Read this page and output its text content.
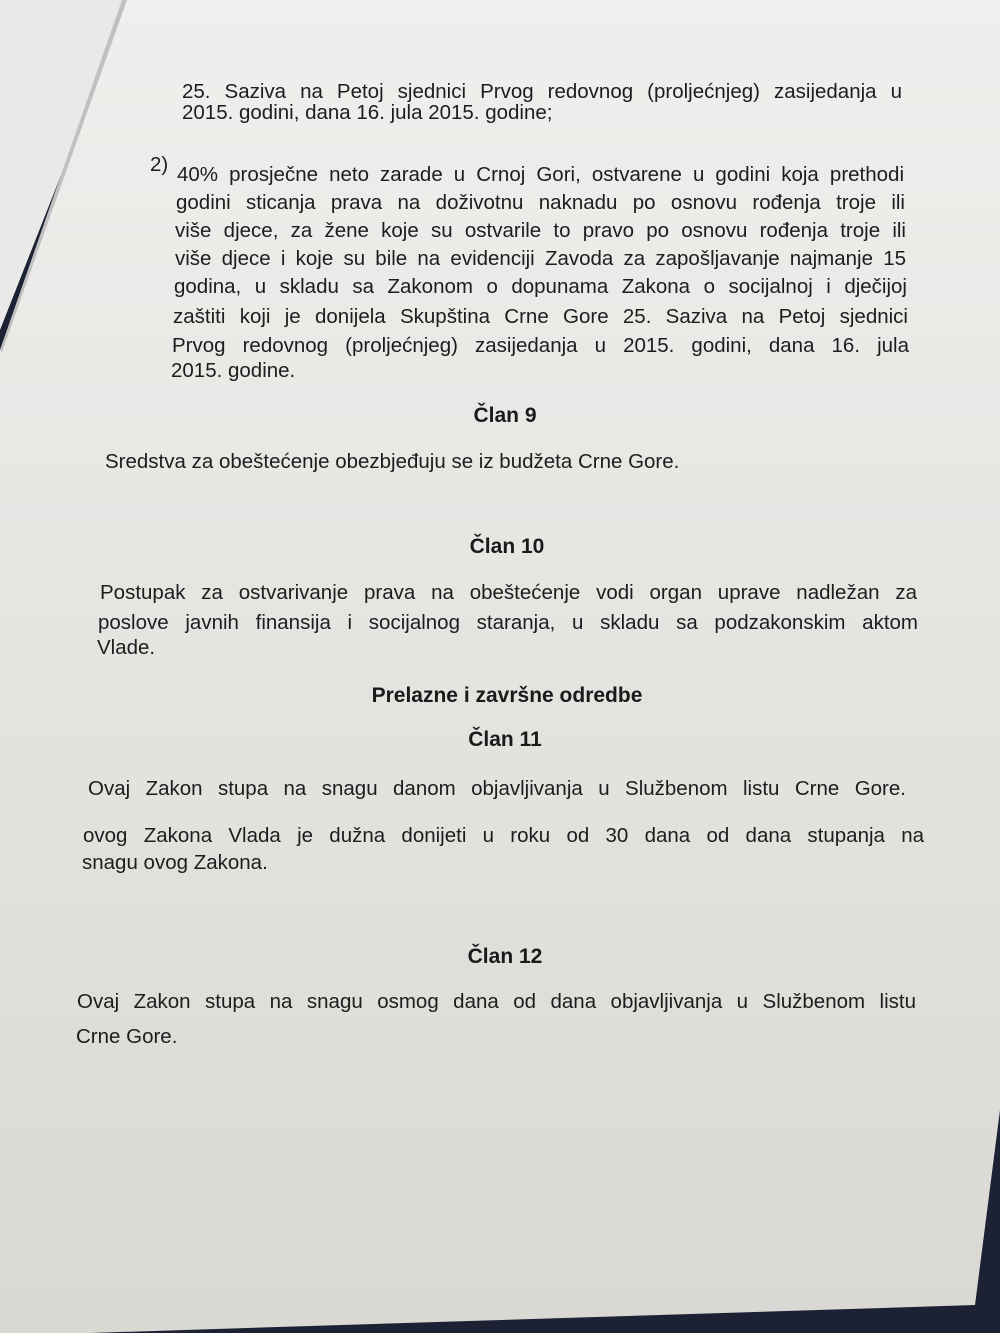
25. Saziva na Petoj sjednici Prvog redovnog (proljećnjeg) zasijedanja u
2015. godini, dana 16. jula 2015. godine;
2) 40% prosječne neto zarade u Crnoj Gori, ostvarene u godini koja prethodi
godini sticanja prava na doživotnu naknadu po osnovu rođenja troje ili
više djece, za žene koje su ostvarile to pravo po osnovu rođenja troje ili
više djece i koje su bile na evidenciji Zavoda za zapošljavanje najmanje 15
godina, u skladu sa Zakonom o dopunama Zakona o socijalnoj i dječijoj
zaštiti koji je donijela Skupština Crne Gore 25. Saziva na Petoj sjednici
Prvog redovnog (proljećnjeg) zasijedanja u 2015. godini, dana 16. jula
2015. godine.
Član 9
Sredstva za obeštećenje obezbjeđuju se iz budžeta Crne Gore.
Član 10
Postupak za ostvarivanje prava na obeštećenje vodi organ uprave nadležan za
poslove javnih finansija i socijalnog staranja, u skladu sa podzakonskim aktom
Vlade.
Prelazne i završne odredbe
Član 11
Ovaj Zakon stupa na snagu danom objavljivanja u Službenom listu Crne Gore.
ovog Zakona Vlada je dužna donijeti u roku od 30 dana od dana stupanja na
snagu ovog Zakona.
Član 12
Ovaj Zakon stupa na snagu osmog dana od dana objavljivanja u Službenom listu
Crne Gore.
